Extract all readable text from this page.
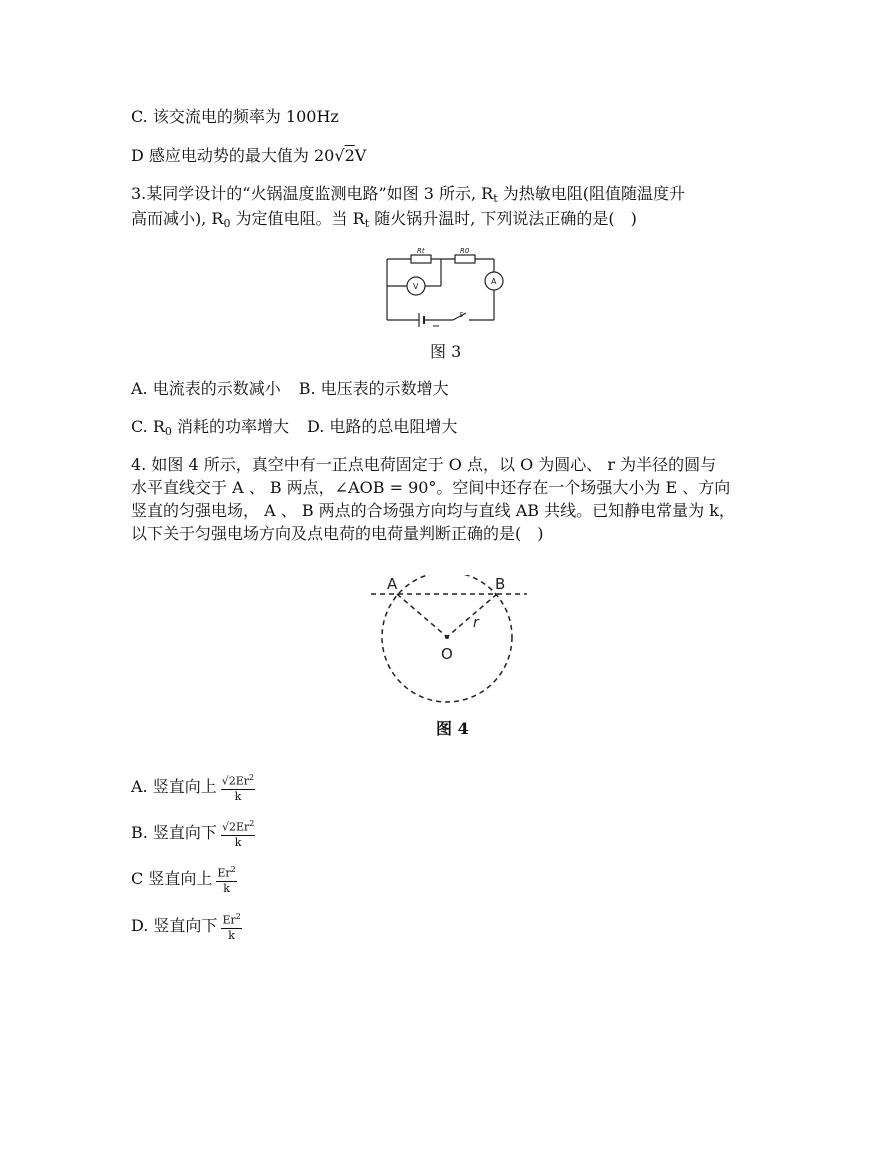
C. 该交流电的频率为 100Hz
D 感应电动势的最大值为 20√2V
3.某同学设计的“火锅温度监测电路”如图 3 所示, $R_t$ 为热敏电阻(阻值随温度升
高而减小), $R_0$ 为定值电阻。当 $R_t$ 随火锅升温时, 下列说法正确的是(　)
Rt	R0
V
A
S
图 3
A. 电流表的示数减小 B. 电压表的示数增大
C. $R_0$ 消耗的功率增大 D. 电路的总电阻增大
4. 如图 4 所示，真空中有一正点电荷固定于 O 点，以 O 为圆心、 r 为半径的圆与
水平直线交于 A 、 B 两点，∠AOB = 90°。空间中还存在一个场强大小为 E 、方向
竖直的匀强电场， A 、 B 两点的合场强方向均与直线 AB 共线。已知静电常量为 k，
以下关于匀强电场方向及点电荷的电荷量判断正确的是(　)
A	B
O
r
图 4
A. 竖直向上 $\frac{√2Er^2}{k}$
B. 竖直向下 $\frac{√2Er^2}{k}$
C 竖直向上 $\frac{Er^2}{k}$
D. 竖直向下 $\frac{Er^2}{k}$
